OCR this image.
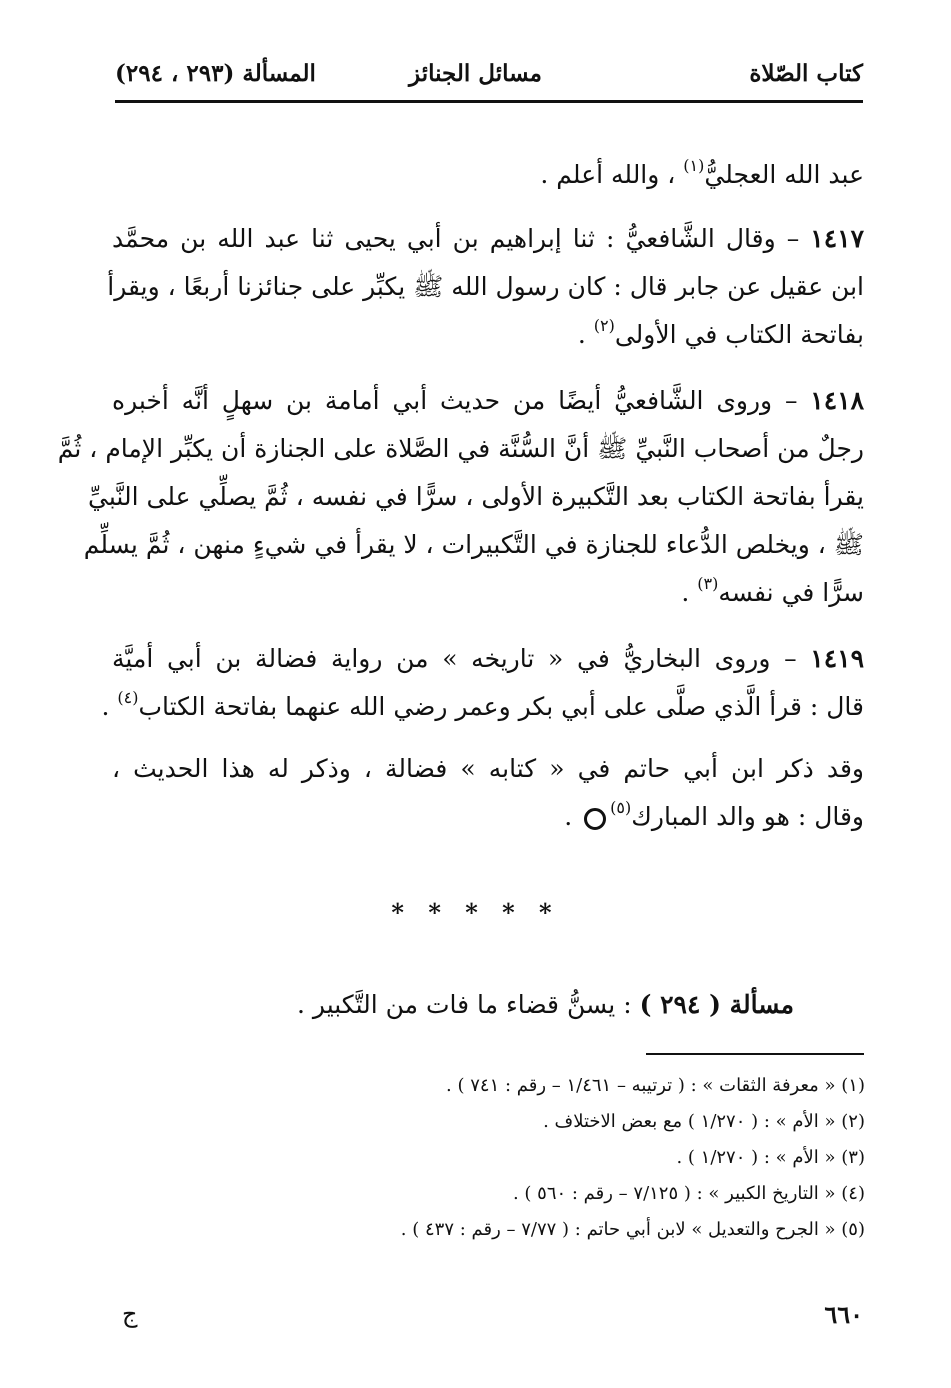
كتاب الصّلاة
مسائل الجنائز
المسألة (٢٩٣ ، ٢٩٤)
عبد الله العجليُّ$^{(١)}$ ، والله أعلم .
١٤١٧ – وقال الشَّافعيُّ : ثنا إبراهيم بن أبي يحيى ثنا عبد الله بن محمَّد
ابن عقيل عن جابر قال : كان رسول الله ﷺ يكبِّر على جنائزنا أربعًا ، ويقرأ
بفاتحة الكتاب في الأولى$^{(٢)}$ .
١٤١٨ – وروى الشَّافعيُّ أيضًا من حديث أبي أمامة بن سهلٍ أنَّه أخبره
رجلٌ من أصحاب النَّبيِّ ﷺ أنَّ السُّنَّة في الصَّلاة على الجنازة أن يكبِّر الإمام ، ثُمَّ
يقرأ بفاتحة الكتاب بعد التَّكبيرة الأولى ، سرًّا في نفسه ، ثُمَّ يصلِّي على النَّبيِّ
ﷺ ، ويخلص الدُّعاء للجنازة في التَّكبيرات ، لا يقرأ في شيءٍ منهن ، ثُمَّ يسلِّم
سرًّا في نفسه$^{(٣)}$ .
١٤١٩ – وروى البخاريُّ في « تاريخه » من رواية فضالة بن أبي أميَّة
قال : قرأ الَّذي صلَّى على أبي بكر وعمر رضي الله عنهما بفاتحة الكتاب$^{(٤)}$ .
وقد ذكر ابن أبي حاتم في « كتابه » فضالة ، وذكر له هذا الحديث ،
وقال : هو والد المبارك$^{(٥)}$ .
* * * * *
مسألة ( ٢٩٤ ) : يسنُّ قضاء ما فات من التَّكبير .
(١) « معرفة الثقات » : ( ترتيبه – ١/٤٦١ – رقم : ٧٤١ ) .
(٢) « الأم » : ( ١/٢٧٠ ) مع بعض الاختلاف .
(٣) « الأم » : ( ١/٢٧٠ ) .
(٤) « التاريخ الكبير » : ( ٧/١٢٥ – رقم : ٥٦٠ ) .
(٥) « الجرح والتعديل » لابن أبي حاتم : ( ٧/٧٧ – رقم : ٤٣٧ ) .
٦٦٠
ج
